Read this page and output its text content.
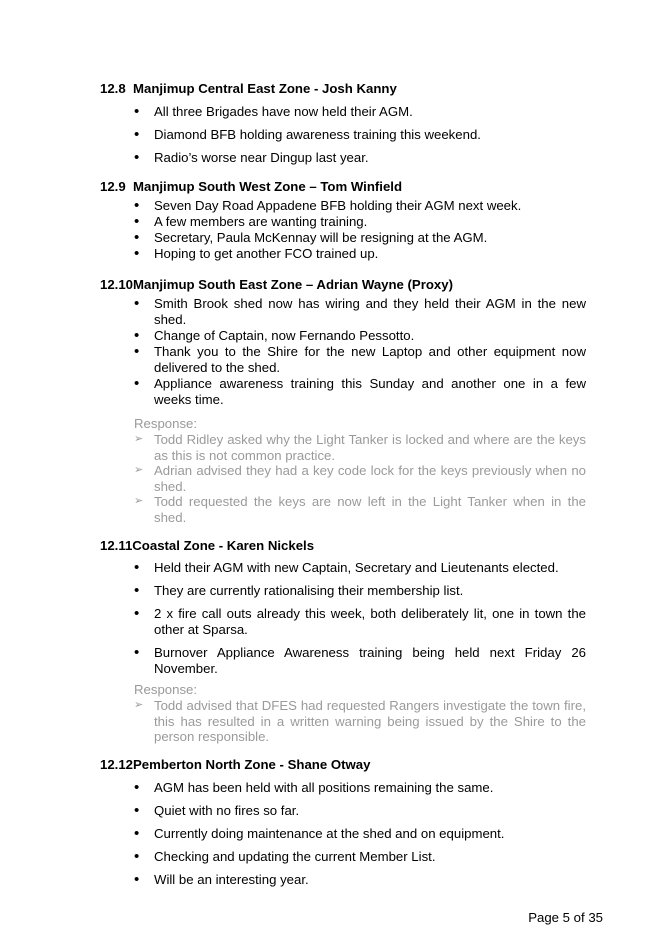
12.8 Manjimup Central East Zone - Josh Kanny
• All three Brigades have now held their AGM.
• Diamond BFB holding awareness training this weekend.
• Radio’s worse near Dingup last year.
12.9 Manjimup South West Zone – Tom Winfield
• Seven Day Road Appadene BFB holding their AGM next week.
• A few members are wanting training.
• Secretary, Paula McKennay will be resigning at the AGM.
• Hoping to get another FCO trained up.
12.10Manjimup South East Zone – Adrian Wayne (Proxy)
• Smith Brook shed now has wiring and they held their AGM in the new shed.
• Change of Captain, now Fernando Pessotto.
• Thank you to the Shire for the new Laptop and other equipment now delivered to the shed.
• Appliance awareness training this Sunday and another one in a few weeks time.
Response:
➢ Todd Ridley asked why the Light Tanker is locked and where are the keys as this is not common practice.
➢ Adrian advised they had a key code lock for the keys previously when no shed.
➢ Todd requested the keys are now left in the Light Tanker when in the shed.
12.11Coastal Zone - Karen Nickels
• Held their AGM with new Captain, Secretary and Lieutenants elected.
• They are currently rationalising their membership list.
• 2 x fire call outs already this week, both deliberately lit, one in town the other at Sparsa.
• Burnover Appliance Awareness training being held next Friday 26 November.
Response:
➢ Todd advised that DFES had requested Rangers investigate the town fire, this has resulted in a written warning being issued by the Shire to the person responsible.
12.12Pemberton North Zone - Shane Otway
• AGM has been held with all positions remaining the same.
• Quiet with no fires so far.
• Currently doing maintenance at the shed and on equipment.
• Checking and updating the current Member List.
• Will be an interesting year.
Page 5 of 35
